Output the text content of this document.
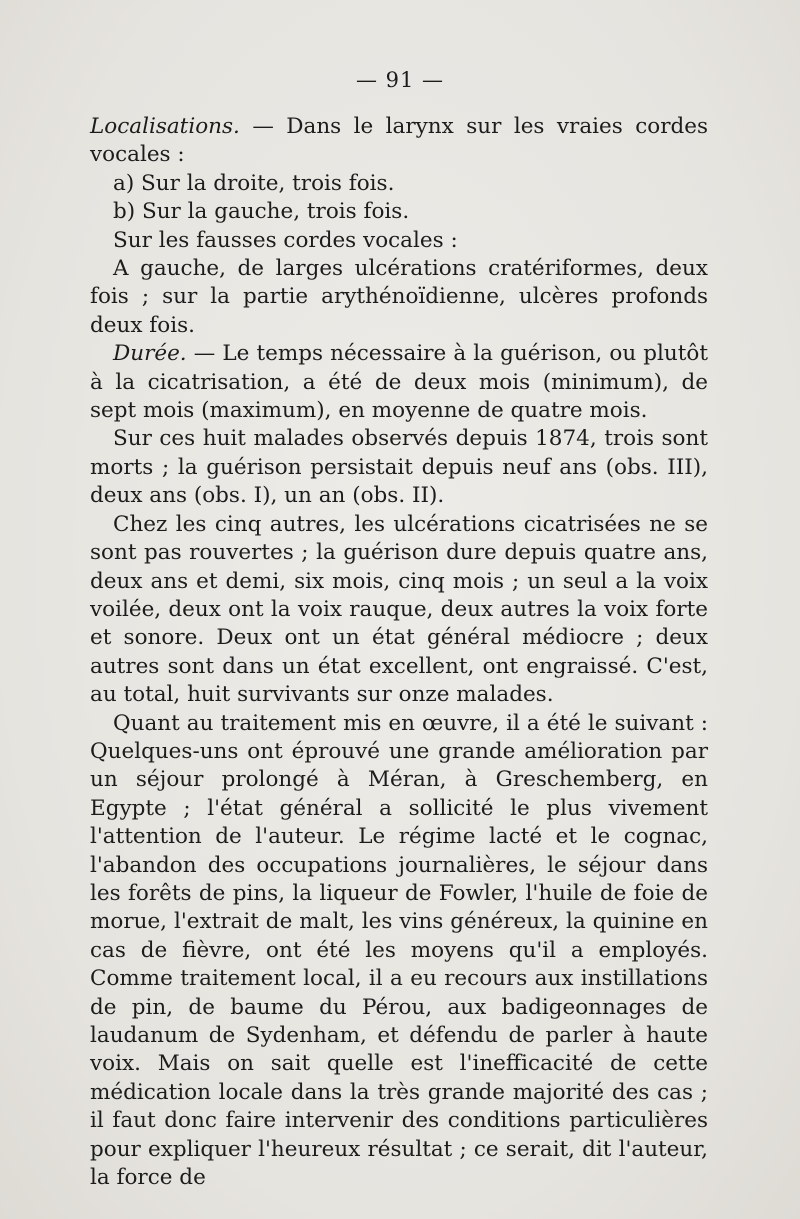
— 91 —

Localisations. — Dans le larynx sur les vraies cordes vocales :

a) Sur la droite, trois fois.

b) Sur la gauche, trois fois.

Sur les fausses cordes vocales :

A gauche, de larges ulcérations cratériformes, deux fois ; sur la partie arythénoïdienne, ulcères profonds deux fois.

Durée. — Le temps nécessaire à la guérison, ou plutôt à la cicatrisation, a été de deux mois (minimum), de sept mois (maximum), en moyenne de quatre mois.

Sur ces huit malades observés depuis 1874, trois sont morts ; la guérison persistait depuis neuf ans (obs. III), deux ans (obs. I), un an (obs. II).

Chez les cinq autres, les ulcérations cicatrisées ne se sont pas rouvertes ; la guérison dure depuis quatre ans, deux ans et demi, six mois, cinq mois ; un seul a la voix voilée, deux ont la voix rauque, deux autres la voix forte et sonore. Deux ont un état général médiocre ; deux autres sont dans un état excellent, ont engraissé. C'est, au total, huit survivants sur onze malades.

Quant au traitement mis en œuvre, il a été le suivant : Quelques-uns ont éprouvé une grande amélioration par un séjour prolongé à Méran, à Greschemberg, en Egypte ; l'état général a sollicité le plus vivement l'attention de l'auteur. Le régime lacté et le cognac, l'abandon des occupations journalières, le séjour dans les forêts de pins, la liqueur de Fowler, l'huile de foie de morue, l'extrait de malt, les vins généreux, la quinine en cas de fièvre, ont été les moyens qu'il a employés. Comme traitement local, il a eu recours aux instillations de pin, de baume du Pérou, aux badigeonnages de laudanum de Sydenham, et défendu de parler à haute voix. Mais on sait quelle est l'inefficacité de cette médication locale dans la très grande majorité des cas ; il faut donc faire intervenir des conditions particulières pour expliquer l'heureux résultat ; ce serait, dit l'auteur, la force de
